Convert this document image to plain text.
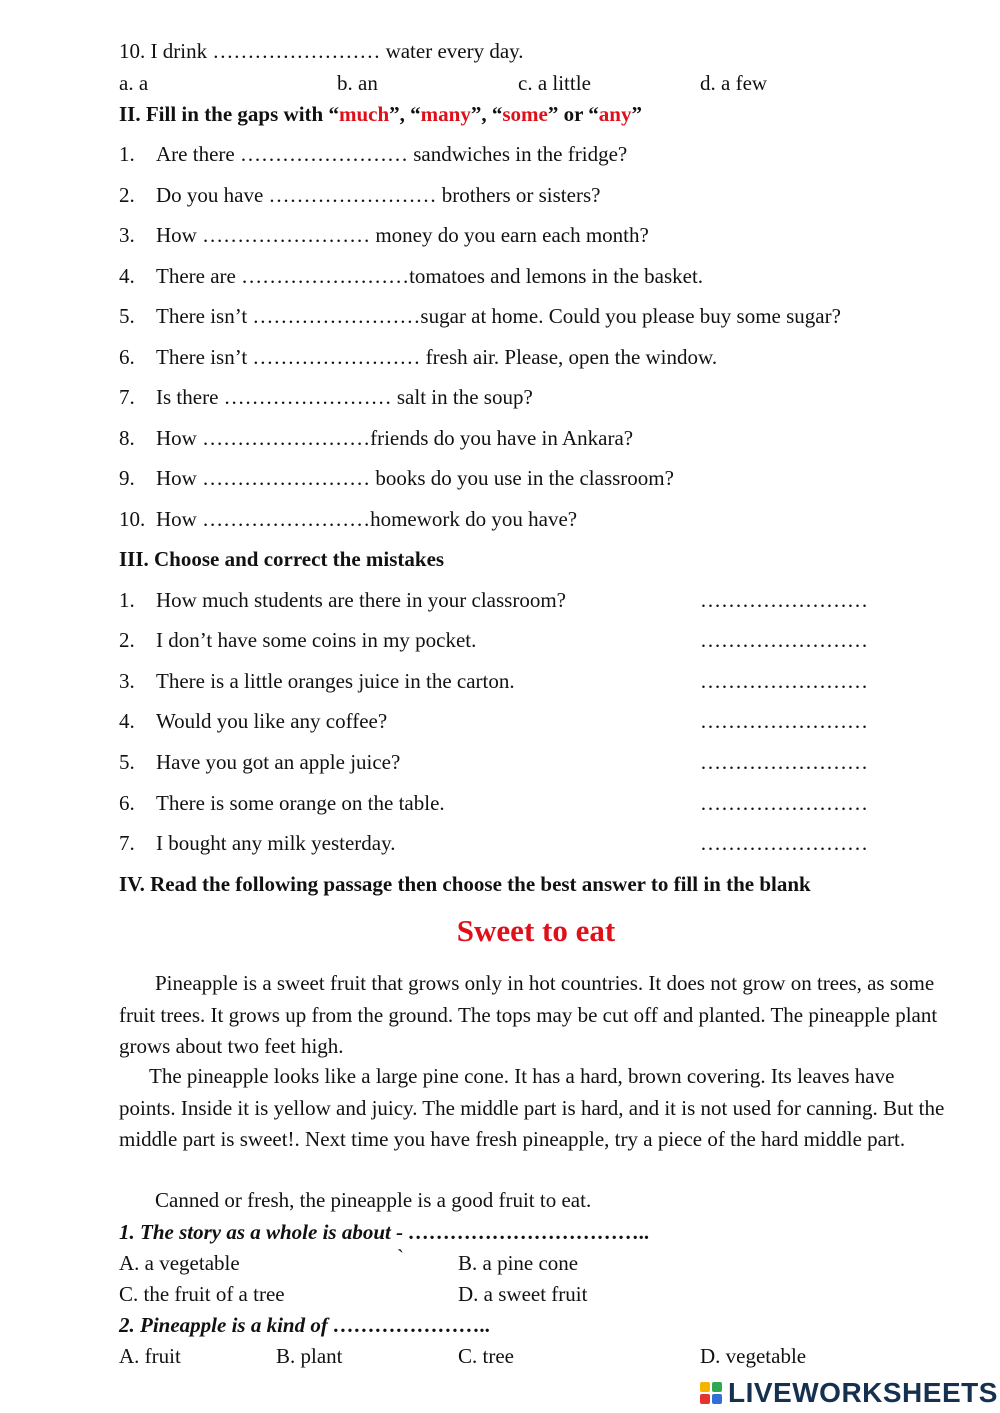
10. I drink …………………… water every day.
a. a	b. an	c. a little	d. a few
II. Fill in the gaps with “much”, “many”, “some” or “any”
1. Are there …………………… sandwiches in the fridge?
2. Do you have …………………… brothers or sisters?
3. How …………………… money do you earn each month?
4. There are ……………………tomatoes and lemons in the basket.
5. There isn’t ……………………sugar at home. Could you please buy some sugar?
6. There isn’t …………………… fresh air. Please, open the window.
7. Is there …………………… salt in the soup?
8. How ……………………friends do you have in Ankara?
9. How …………………… books do you use in the classroom?
10. How ……………………homework do you have?
III. Choose and correct the mistakes
1. How much students are there in your classroom?	……………………
2. I don’t have some coins in my pocket.	……………………
3. There is a little oranges juice in the carton.	……………………
4. Would you like any coffee?	……………………
5. Have you got an apple juice?	……………………
6. There is some orange on the table.	……………………
7. I bought any milk yesterday.	……………………
IV. Read the following passage then choose the best answer to fill in the blank
Sweet to eat
Pineapple is a sweet fruit that grows only in hot countries. It does not grow on trees, as some fruit trees. It grows up from the ground. The tops may be cut off and planted. The pineapple plant grows about two feet high.
The pineapple looks like a large pine cone. It has a hard, brown covering. Its leaves have points. Inside it is yellow and juicy. The middle part is hard, and it is not used for canning. But the middle part is sweet!. Next time you have fresh pineapple, try a piece of the hard middle part.
Canned or fresh, the pineapple is a good fruit to eat.
1. The story as a whole is about - ……………………………..
A. a vegetable	`	B. a pine cone
C. the fruit of a tree	D. a sweet fruit
2. Pineapple is a kind of …………………..
A. fruit	B. plant	C. tree	D. vegetable
LIVEWORKSHEETS
